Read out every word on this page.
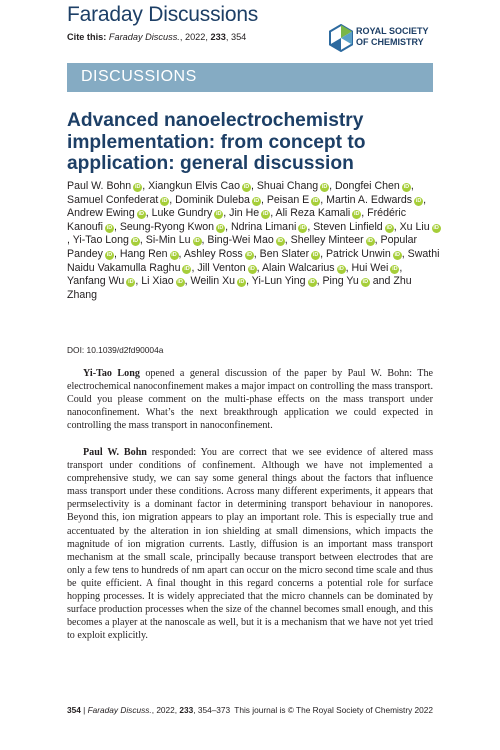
Faraday Discussions
Cite this: Faraday Discuss., 2022, 233, 354
ROYAL SOCIETY
OF CHEMISTRY
DISCUSSIONS
Advanced nanoelectrochemistry implementation: from concept to application: general discussion
Paul W. Bohn iD , Xiangkun Elvis Cao iD , Shuai Chang iD , Dongfei Chen iD , Samuel Confederat iD , Dominik Duleba iD , Peisan E iD , Martin A. Edwards iD , Andrew Ewing iD , Luke Gundry iD , Jin He iD , Ali Reza Kamali iD , Frédéric Kanoufi iD , Seung-Ryong Kwon iD , Ndrina Limani iD , Steven Linfield iD , Xu Liu iD, Yi-Tao Long iD , Si-Min Lu iD , Bing-Wei Mao iD , Shelley Minteer iD , Popular Pandey iD , Hang Ren iD , Ashley Ross iD , Ben Slater iD , Patrick Unwin iD , Swathi Naidu Vakamulla Raghu iD , Jill Venton iD , Alain Walcarius iD , Hui Wei iD , Yanfang Wu iD , Li Xiao iD , Weilin Xu iD , Yi-Lun Ying iD , Ping Yu iD and Zhu Zhang
DOI: 10.1039/d2fd90004a

Yi-Tao Long opened a general discussion of the paper by Paul W. Bohn: The electrochemical nanoconfinement makes a major impact on controlling the mass transport. Could you please comment on the multi-phase effects on the mass transport under nanoconfinement. What’s the next breakthrough application we could expected in controlling the mass transport in nanoconfinement.

Paul W. Bohn responded: You are correct that we see evidence of altered mass transport under conditions of confinement. Although we have not implemented a comprehensive study, we can say some general things about the factors that influence mass transport under these conditions. Across many different experiments, it appears that permselectivity is a dominant factor in determining transport behaviour in nanopores. Beyond this, ion migration appears to play an important role. This is especially true and accentuated by the alteration in ion shielding at small dimensions, which impacts the magnitude of ion migration currents. Lastly, diffusion is an important mass transport mechanism at the small scale, principally because transport between electrodes that are only a few tens to hundreds of nm apart can occur on the micro second time scale and thus be quite efficient. A final thought in this regard concerns a potential role for surface hopping processes. It is widely appreciated that the micro channels can be dominated by surface production processes when the size of the channel becomes small enough, and this becomes a player at the nanoscale as well, but it is a mechanism that we have not yet tried to exploit explicitly.

354 | Faraday Discuss., 2022, 233, 354–373 This journal is © The Royal Society of Chemistry 2022
